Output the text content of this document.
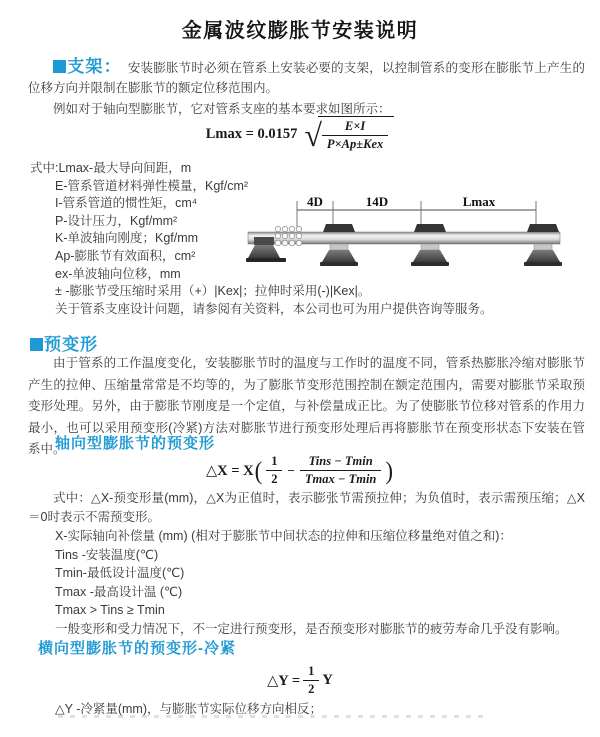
金属波纹膨胀节安装说明

支架： 安装膨胀节时必须在管系上安装必要的支架，以控制管系的变形在膨胀节上产生的位移方向并限制在膨胀节的额定位移范围内。

例如对于轴向型膨胀节，它对管系支座的基本要求如图所示：

Lmax = 0.0157 √ $\frac{E\times I}{\text{P×Ap±Kex}}$
式中:Lmax-最大导向间距，m
E-管系管道材料弹性模量，Kgf/cm²
I-管系管道的惯性矩，cm⁴
P-设计压力，Kgf/mm²
K-单波轴向刚度；Kgf/mm
Ap-膨胀节有效面积，cm²
ex-单波轴向位移，mm
± -膨胀节受压缩时采用（+）|Kex|；拉伸时采用(-)|Kex|。
关于管系支座设计问题，请参阅有关资料，本公司也可为用户提供咨询等服务。
4D	14D	Lmax
预变形

由于管系的工作温度变化，安装膨胀节时的温度与工作时的温度不同，管系热膨胀冷缩对膨胀节产生的拉伸、压缩量常常是不均等的，为了膨胀节变形范围控制在额定范围内，需要对膨胀节采取预变形处理。另外，由于膨胀节刚度是一个定值，与补偿量成正比。为了使膨胀节位移对管系的作用力最小，也可以采用预变形(冷紧)方法对膨胀节进行预变形处理后再将膨胀节在预变形状态下安装在管系中。

轴向型膨胀节的预变形
△X = X ( $\frac{1}{2} - \frac{\text{Tins − Tmin}}{Tmax - Tmin}$ )

式中：△X-预变形量(mm)，△X为正值时，表示膨张节需预拉伸；为负值时，表示需预压缩；△X＝0时表示不需预变形。

X-实际轴向补偿量 (mm) (相对于膨胀节中间状态的拉伸和压缩位移量绝对值之和)：
Tins -安装温度(℃)
Tmin-最低设计温度(℃)
Tmax -最高设计温 (℃)
Tmax > Tins ≥ Tmin
一般变形和受力情况下，不一定进行预变形，是否预变形对膨胀节的疲劳寿命几乎没有影响。
横向型膨胀节的预变形-冷紧
△Y = $\frac{1}{2}$ Y

△Y -冷紧量(mm)，与膨胀节实际位移方向相反；
